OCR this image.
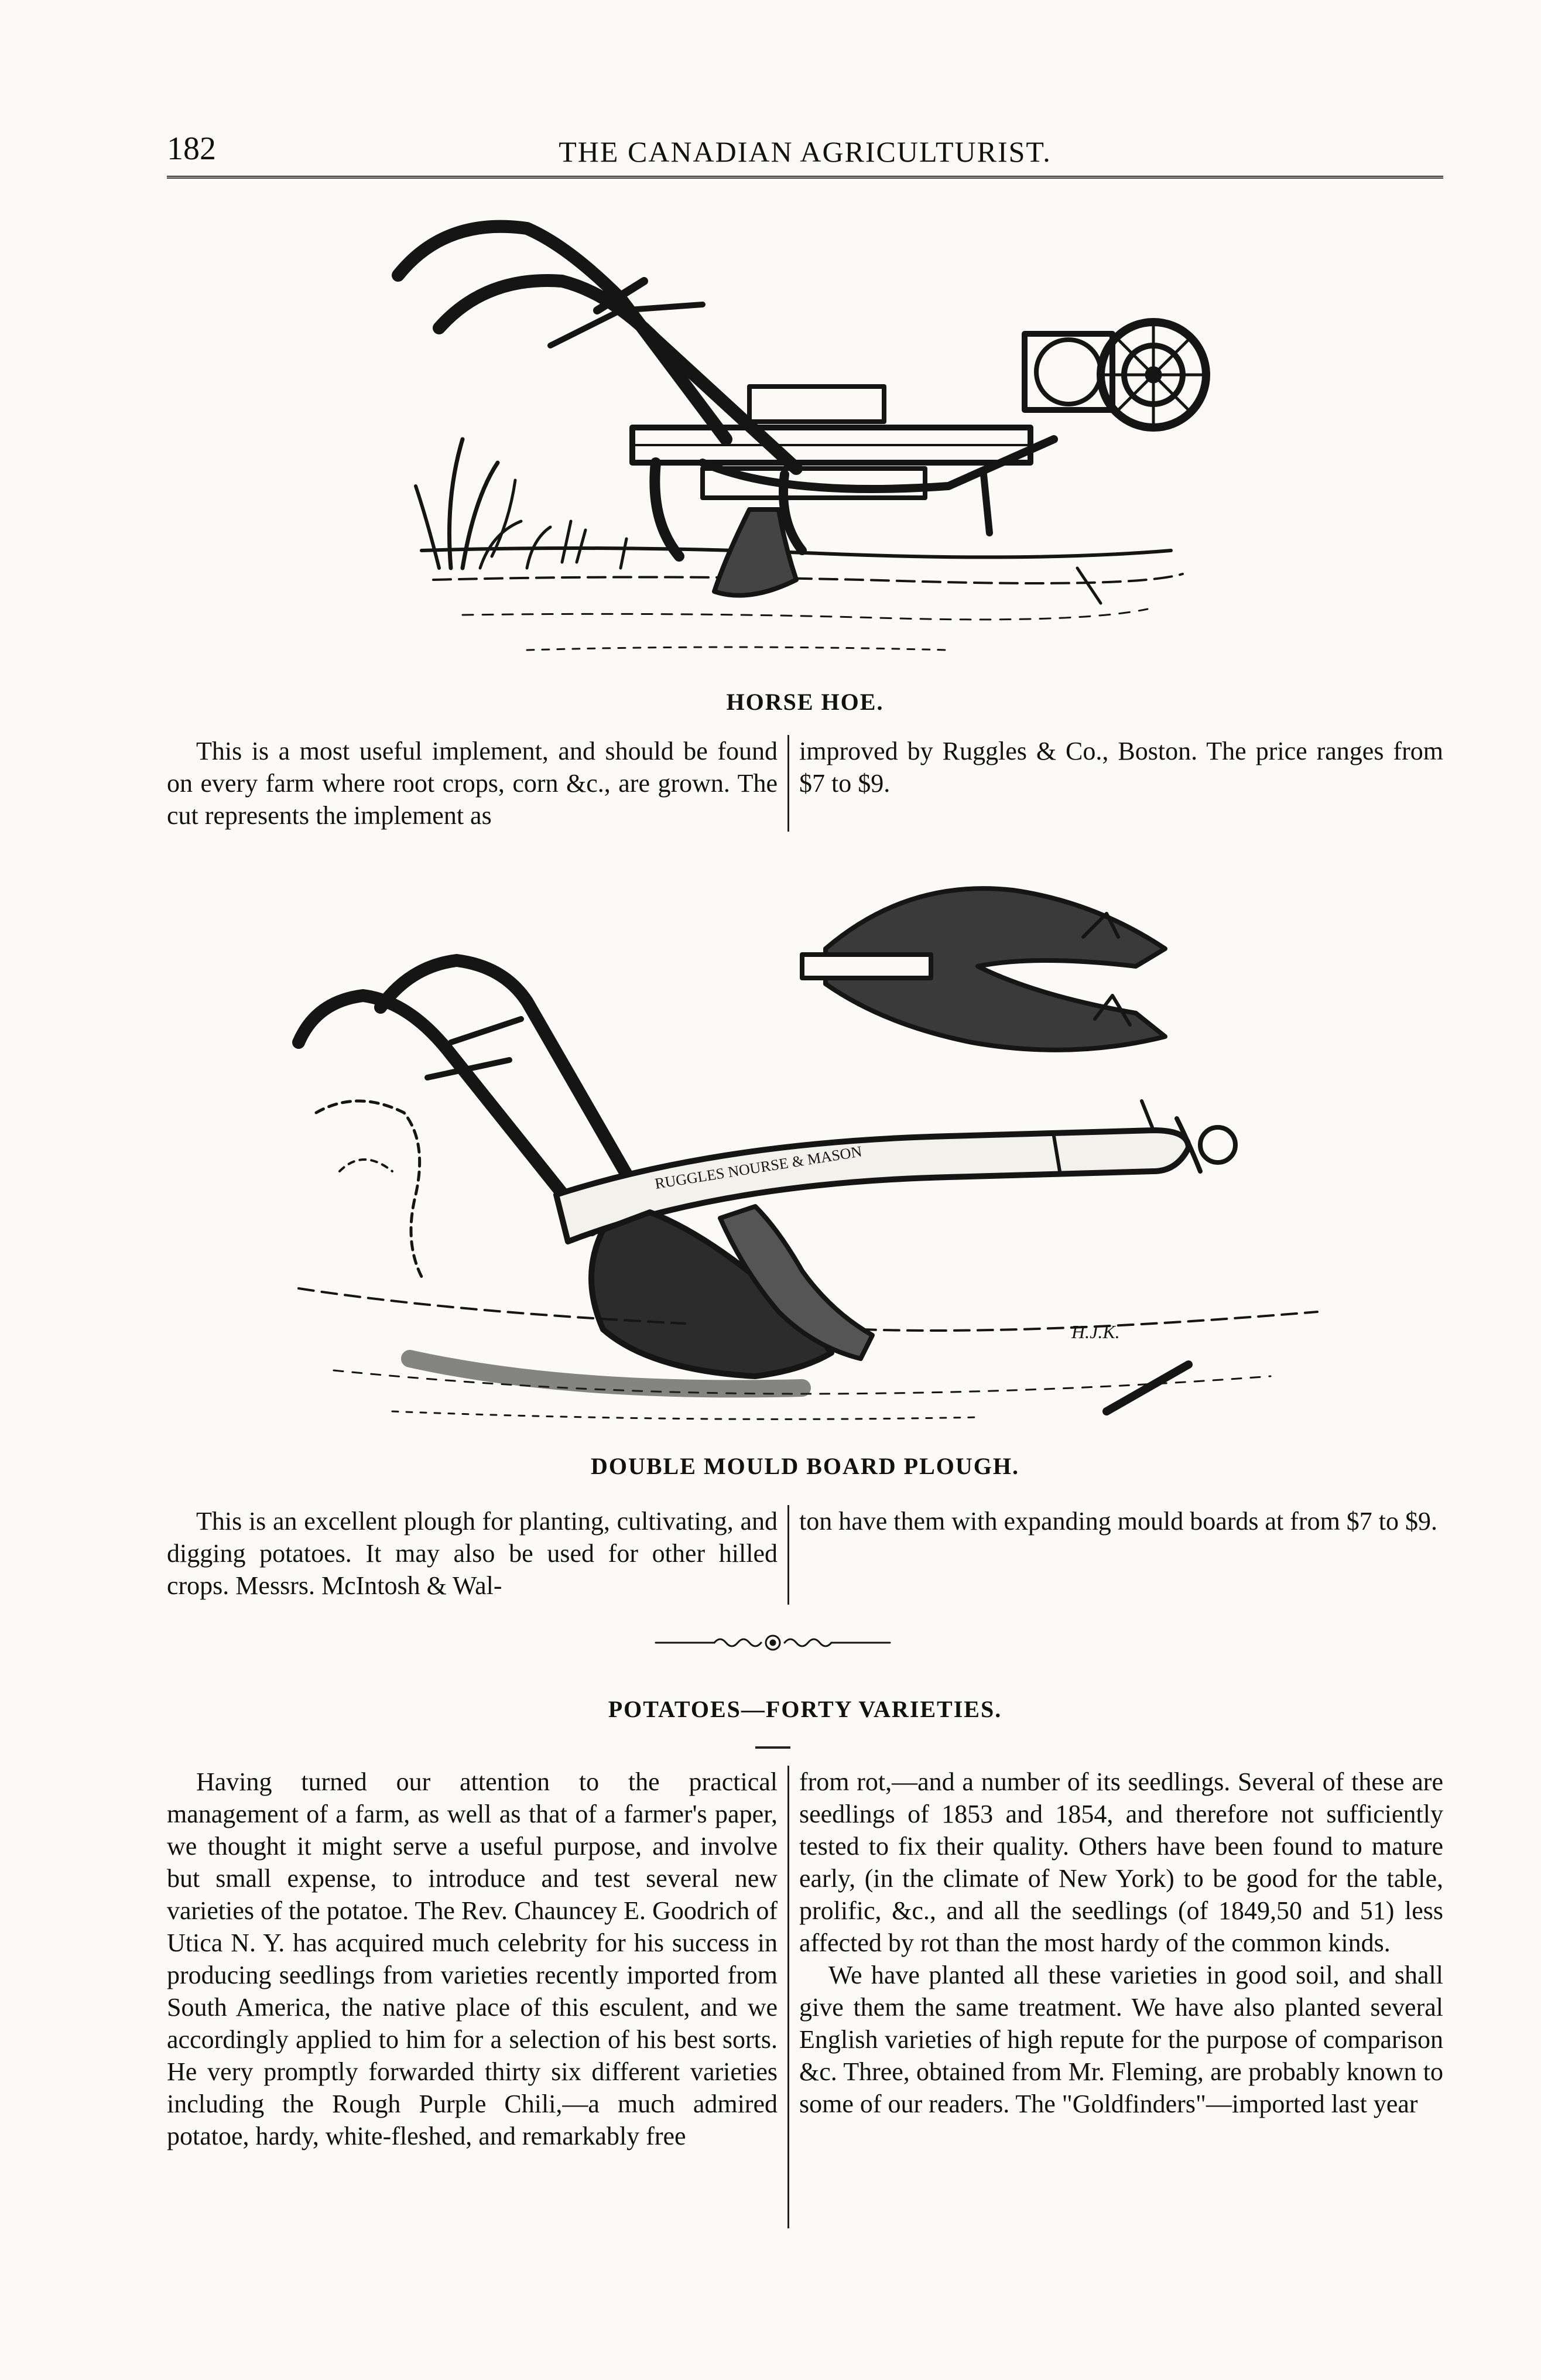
182	THE CANADIAN AGRICULTURIST.
HORSE HOE.

This is a most useful implement, and should be found on every farm where root crops, corn &c., are grown. The cut represents the implement as

improved by Ruggles & Co., Boston. The price ranges from $7 to $9.

RUGGLES NOURSE & MASON
H.J.K.
DOUBLE MOULD BOARD PLOUGH.

This is an excellent plough for planting, cultivating, and digging potatoes. It may also be used for other hilled crops. Messrs. McIntosh & Wal-

ton have them with expanding mould boards at from $7 to $9.

POTATOES—FORTY VARIETIES.

Having turned our attention to the practical management of a farm, as well as that of a farmer's paper, we thought it might serve a useful purpose, and involve but small expense, to introduce and test several new varieties of the potatoe. The Rev. Chauncey E. Goodrich of Utica N. Y. has acquired much celebrity for his success in producing seedlings from varieties recently imported from South America, the native place of this esculent, and we accordingly applied to him for a selection of his best sorts. He very promptly forwarded thirty six different varieties including the Rough Purple Chili,—a much admired potatoe, hardy, white-fleshed, and remarkably free

from rot,—and a number of its seedlings. Several of these are seedlings of 1853 and 1854, and therefore not sufficiently tested to fix their quality. Others have been found to mature early, (in the climate of New York) to be good for the table, prolific, &c., and all the seedlings (of 1849,50 and 51) less affected by rot than the most hardy of the common kinds.

We have planted all these varieties in good soil, and shall give them the same treatment. We have also planted several English varieties of high repute for the purpose of comparison &c. Three, obtained from Mr. Fleming, are probably known to some of our readers. The "Goldfinders"—imported last year
